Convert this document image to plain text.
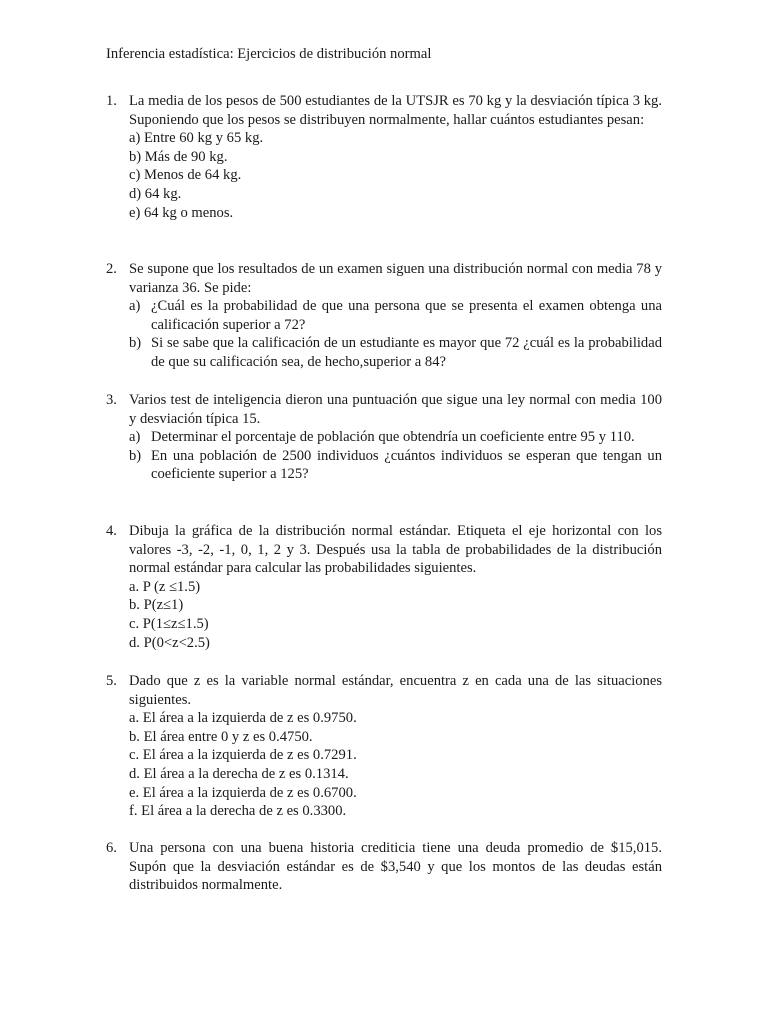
Inferencia estadística: Ejercicios de distribución normal
1. La media de los pesos de 500 estudiantes de la UTSJR es 70 kg y la desviación típica 3 kg. Suponiendo que los pesos se distribuyen normalmente, hallar cuántos estudiantes pesan:
a) Entre 60 kg y 65 kg.
b) Más de 90 kg.
c) Menos de 64 kg.
d) 64 kg.
e) 64 kg o menos.
2. Se supone que los resultados de un examen siguen una distribución normal con media 78 y varianza 36. Se pide:
a) ¿Cuál es la probabilidad de que una persona que se presenta el examen obtenga una calificación superior a 72?
b) Si se sabe que la calificación de un estudiante es mayor que 72 ¿cuál es la probabilidad de que su calificación sea, de hecho,superior a 84?
3. Varios test de inteligencia dieron una puntuación que sigue una ley normal con media 100 y desviación típica 15.
a) Determinar el porcentaje de población que obtendría un coeficiente entre 95 y 110.
b) En una población de 2500 individuos ¿cuántos individuos se esperan que tengan un coeficiente superior a 125?
4. Dibuja la gráfica de la distribución normal estándar. Etiqueta el eje horizontal con los valores -3, -2, -1, 0, 1, 2 y 3. Después usa la tabla de probabilidades de la distribución normal estándar para calcular las probabilidades siguientes.
a. P (z ≤1.5)
b. P(z≤1)
c. P(1≤z≤1.5)
d. P(0<z<2.5)
5. Dado que z es la variable normal estándar, encuentra z en cada una de las situaciones siguientes.
a. El área a la izquierda de z es 0.9750.
b. El área entre 0 y z es 0.4750.
c. El área a la izquierda de z es 0.7291.
d. El área a la derecha de z es 0.1314.
e. El área a la izquierda de z es 0.6700.
f. El área a la derecha de z es 0.3300.
6. Una persona con una buena historia crediticia tiene una deuda promedio de $15,015. Supón que la desviación estándar es de $3,540 y que los montos de las deudas están distribuidos normalmente.
